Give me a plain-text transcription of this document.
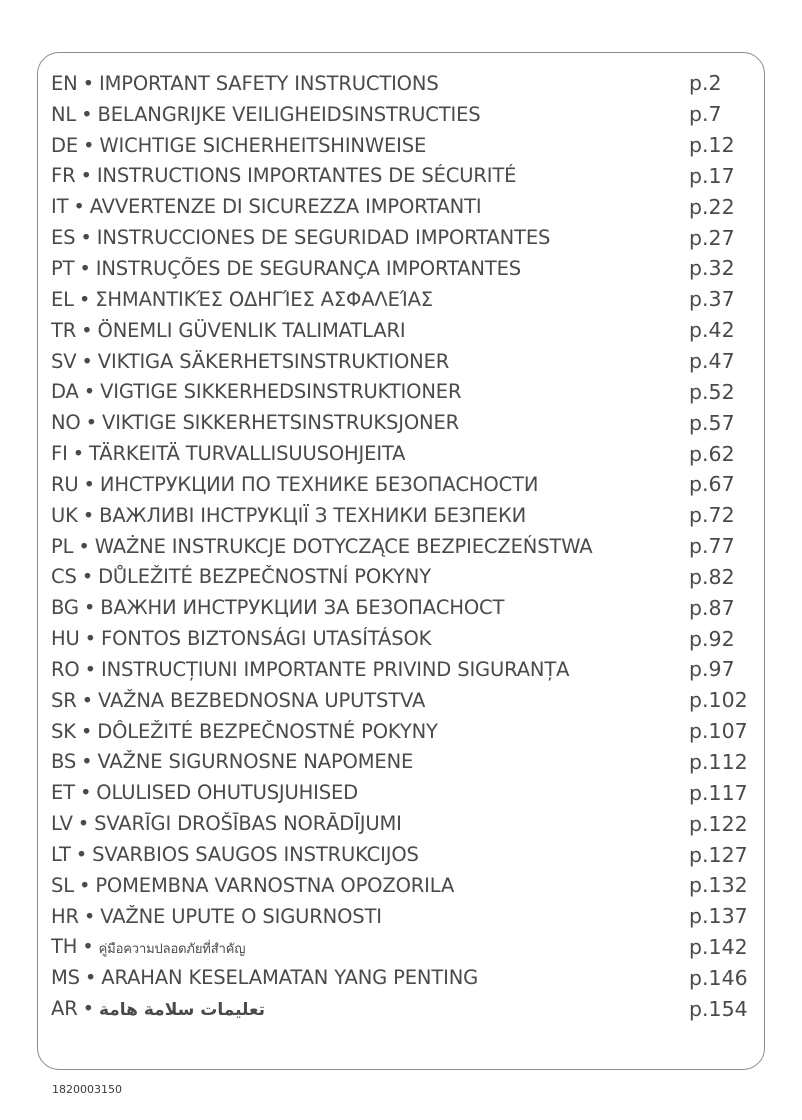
EN • IMPORTANT SAFETY INSTRUCTIONS	p.2
NL • BELANGRIJKE VEILIGHEIDSINSTRUCTIES	p.7
DE • WICHTIGE SICHERHEITSHINWEISE	p.12
FR • INSTRUCTIONS IMPORTANTES DE SÉCURITÉ	p.17
IT • AVVERTENZE DI SICUREZZA IMPORTANTI	p.22
ES • INSTRUCCIONES DE SEGURIDAD IMPORTANTES	p.27
PT • INSTRUÇÕES DE SEGURANÇA IMPORTANTES	p.32
EL • ΣΗΜΑΝΤΙΚΈΣ ΟΔΗΓΊΕΣ ΑΣΦΑΛΕΊΑΣ	p.37
TR • ÖNEMLI GÜVENLIK TALIMATLARI	p.42
SV • VIKTIGA SÄKERHETSINSTRUKTIONER	p.47
DA • VIGTIGE SIKKERHEDSINSTRUKTIONER	p.52
NO • VIKTIGE SIKKERHETSINSTRUKSJONER	p.57
FI • TÄRKEITÄ TURVALLISUUSOHJEITA	p.62
RU • ИНСТРУКЦИИ ПО ТЕХНИКЕ БЕЗОПАСНОСТИ	p.67
UK • ВАЖЛИВІ ІНСТРУКЦІЇ З ТЕХНИКИ БЕЗПЕКИ	p.72
PL • WAŻNE INSTRUKCJE DOTYCZĄCE BEZPIECZEŃSTWA	p.77
CS • DŮLEŽITÉ BEZPEČNOSTNÍ POKYNY	p.82
BG • ВАЖНИ ИНСТРУКЦИИ ЗА БЕЗОПАСНОСТ	p.87
HU • FONTOS BIZTONSÁGI UTASÍTÁSOK	p.92
RO • INSTRUCȚIUNI IMPORTANTE PRIVIND SIGURANȚA	p.97
SR • VAŽNA BEZBEDNOSNA UPUTSTVA	p.102
SK • DÔLEŽITÉ BEZPEČNOSTNÉ POKYNY	p.107
BS • VAŽNE SIGURNOSNE NAPOMENE	p.112
ET • OLULISED OHUTUSJUHISED	p.117
LV • SVARĪGI DROŠĪBAS NORĀDĪJUMI	p.122
LT • SVARBIOS SAUGOS INSTRUKCIJOS	p.127
SL • POMEMBNA VARNOSTNA OPOZORILA	p.132
HR • VAŽNE UPUTE O SIGURNOSTI	p.137
TH • คู่มือความปลอดภัยที่สำคัญ	p.142
MS • ARAHAN KESELAMATAN YANG PENTING	p.146
AR • تعليمات سلامة هامة	p.154
1820003150
